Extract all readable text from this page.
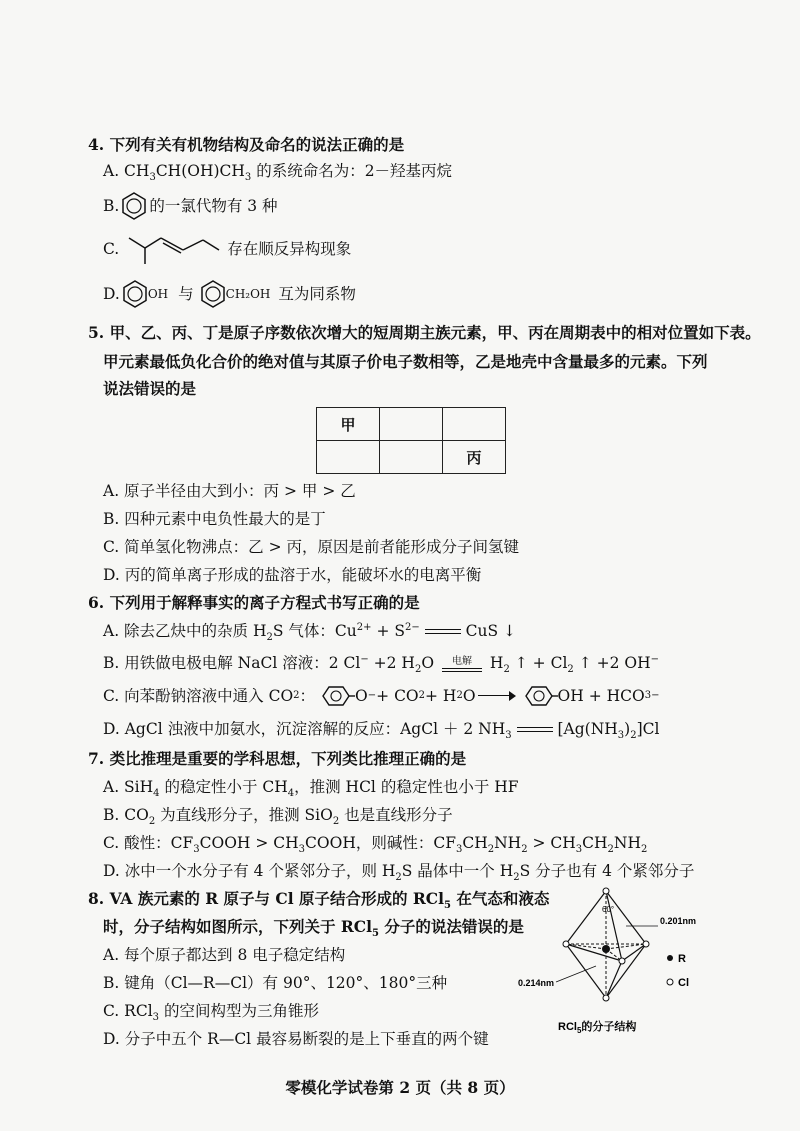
4. 下列有关有机物结构及命名的说法正确的是
A. $CH_3CH(OH)CH_3$ 的系统命名为：2－羟基丙烷
B. 的一氯代物有 3 种
C.	存在顺反异构现象
D. OH 与	CH₂OH 互为同系物
5. 甲、乙、丙、丁是原子序数依次增大的短周期主族元素，甲、丙在周期表中的相对位置如下表。
甲元素最低负化合价的绝对值与其原子价电子数相等，乙是地壳中含量最多的元素。下列
说法错误的是
甲		
		丙
A. 原子半径由大到小：丙 > 甲 > 乙
B. 四种元素中电负性最大的是丁
C. 简单氢化物沸点：乙 > 丙，原因是前者能形成分子间氢键
D. 丙的简单离子形成的盐溶于水，能破坏水的电离平衡
6. 下列用于解释事实的离子方程式书写正确的是
A. 除去乙炔中的杂质 $H_2S$ 气体：$Cu^{2+} + S^{2-}$	CuS ↓
B. 用铁做电极电解 NaCl 溶液：2 Cl− +2 $H_2O$ 电解 $H_2$ ↑ + $Cl_2$ ↑ +2 OH−
C. 向苯酚钠溶液中通入 CO 2 ：	O − + CO 2 + H 2 O	OH + HCO 3 −
D. AgCl 浊液中加氨水，沉淀溶解的反应：AgCl ＋ 2 $NH_3$	$[Ag(NH_3)_2]Cl$
7. 类比推理是重要的学科思想，下列类比推理正确的是
A. SiH$_4$ 的稳定性小于 $CH_4$，推测 HCl 的稳定性也小于 HF
B. $CO_2$ 为直线形分子，推测 SiO$_2$ 也是直线形分子
C. 酸性：$CF_3COOH$ > $CH_3COOH$，则碱性：$CF_3CH_2NH_2 > CH_3CH_2NH_2$
D. 冰中一个水分子有 4 个紧邻分子，则 $H_2S$ 晶体中一个 $H_2S$ 分子也有 4 个紧邻分子
8. VA 族元素的 R 原子与 Cl 原子结合形成的 RCl$_5$ 在气态和液态
时，分子结构如图所示，下列关于 RCl$_5$ 分子的说法错误的是
A. 每个原子都达到 8 电子稳定结构
B. 键角（Cl—R—Cl）有 90°、120°、180°三种
C. RCl$_3$ 的空间构型为三角锥形
D. 分子中五个 R—Cl 最容易断裂的是上下垂直的两个键
60°
0.201nm
0.214nm
R
Cl
RCl$_5$的分子结构
零模化学试卷第 2 页（共 8 页）
